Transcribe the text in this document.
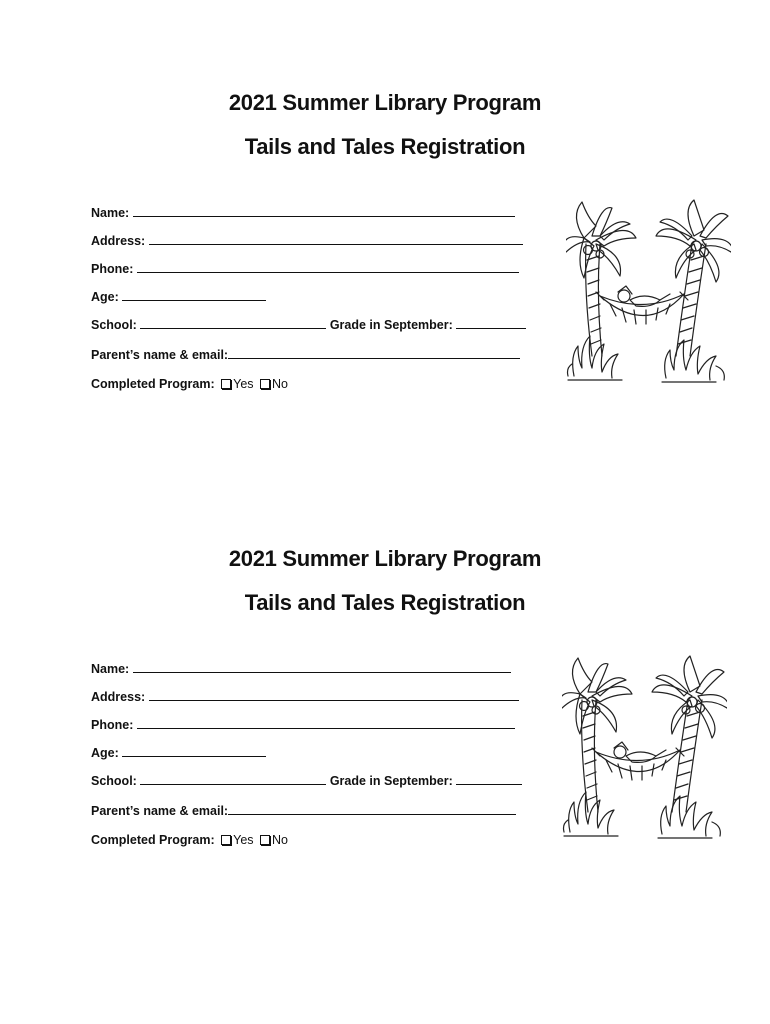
2021 Summer Library Program
Tails and Tales Registration
Name:
Address:
Phone:
Age:
School:	Grade in September:
Parent’s name & email:
Completed Program: Yes No
2021 Summer Library Program
Tails and Tales Registration
Name:
Address:
Phone:
Age:
School:	Grade in September:
Parent’s name & email:
Completed Program: Yes No
